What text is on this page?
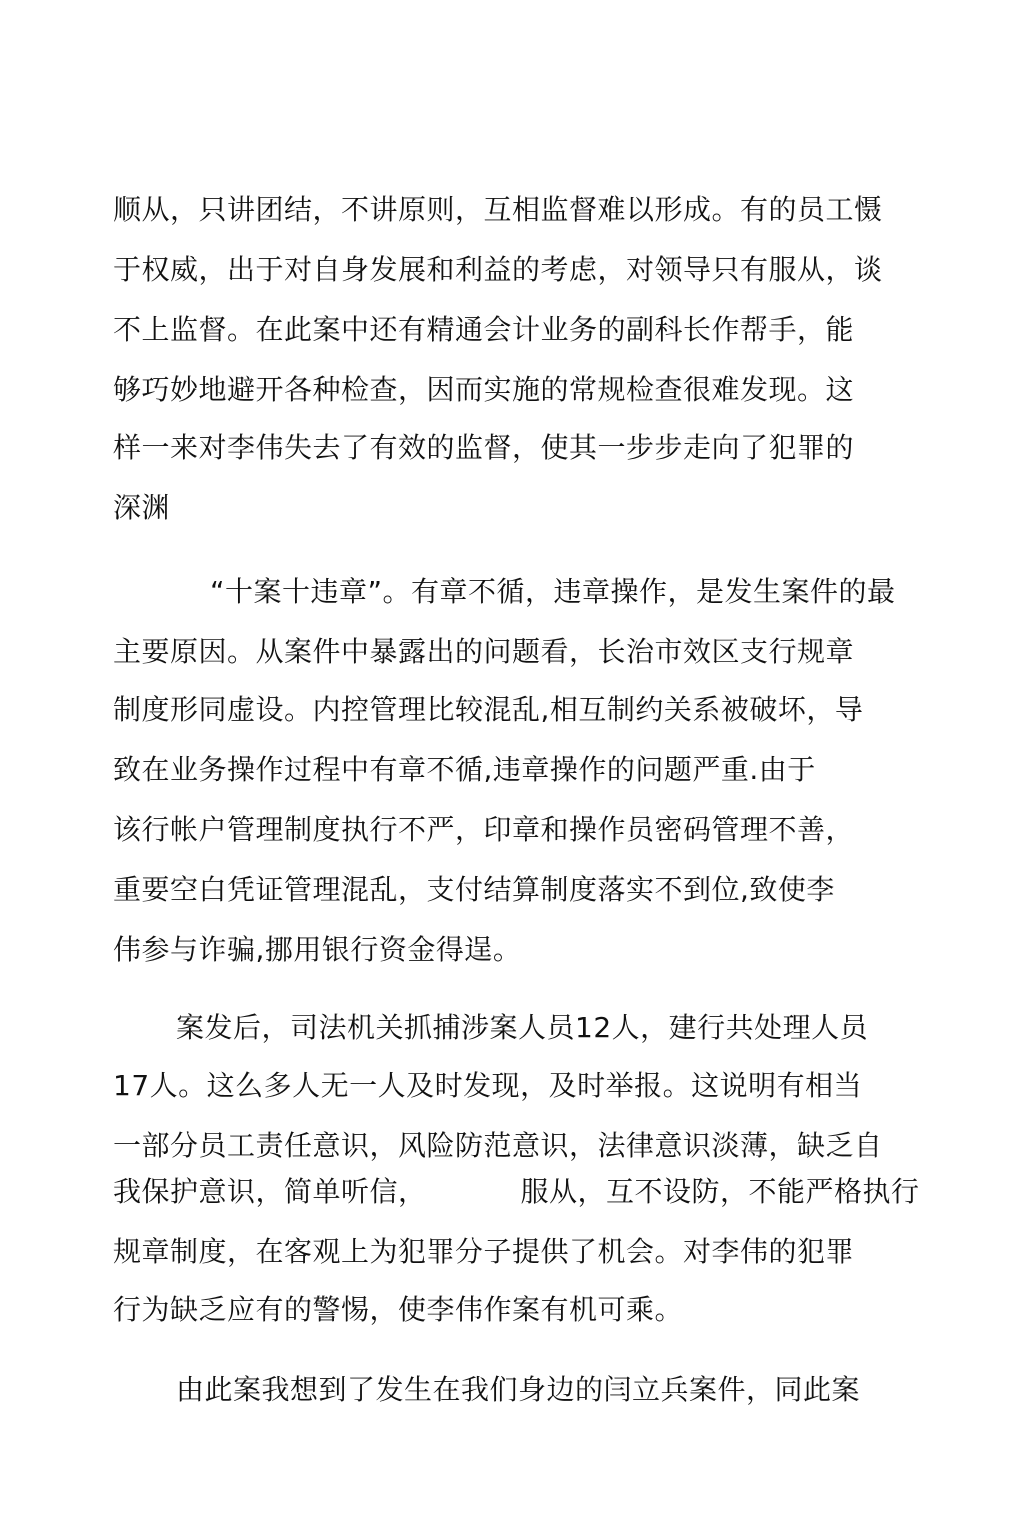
顺从，只讲团结，不讲原则，互相监督难以形成。有的员工慑
于权威，出于对自身发展和利益的考虑，对领导只有服从，谈
不上监督。在此案中还有精通会计业务的副科长作帮手，能
够巧妙地避开各种检查，因而实施的常规检查很难发现。这
样一来对李伟失去了有效的监督，使其一步步走向了犯罪的
深渊
“十案十违章”。有章不循，违章操作，是发生案件的最
主要原因。从案件中暴露出的问题看，长治市效区支行规章
制度形同虚设。内控管理比较混乱,相互制约关系被破坏，导
致在业务操作过程中有章不循,违章操作的问题严重.由于
该行帐户管理制度执行不严，印章和操作员密码管理不善，
重要空白凭证管理混乱，支付结算制度落实不到位,致使李
伟参与诈骗,挪用银行资金得逞。
案发后，司法机关抓捕涉案人员12人，建行共处理人员
17人。这么多人无一人及时发现，及时举报。这说明有相当
一部分员工责任意识，风险防范意识，法律意识淡薄，缺乏自
我保护意识，简单听信，          服从，互不设防，不能严格执行
规章制度，在客观上为犯罪分子提供了机会。对李伟的犯罪
行为缺乏应有的警惕，使李伟作案有机可乘。
由此案我想到了发生在我们身边的闫立兵案件，同此案
